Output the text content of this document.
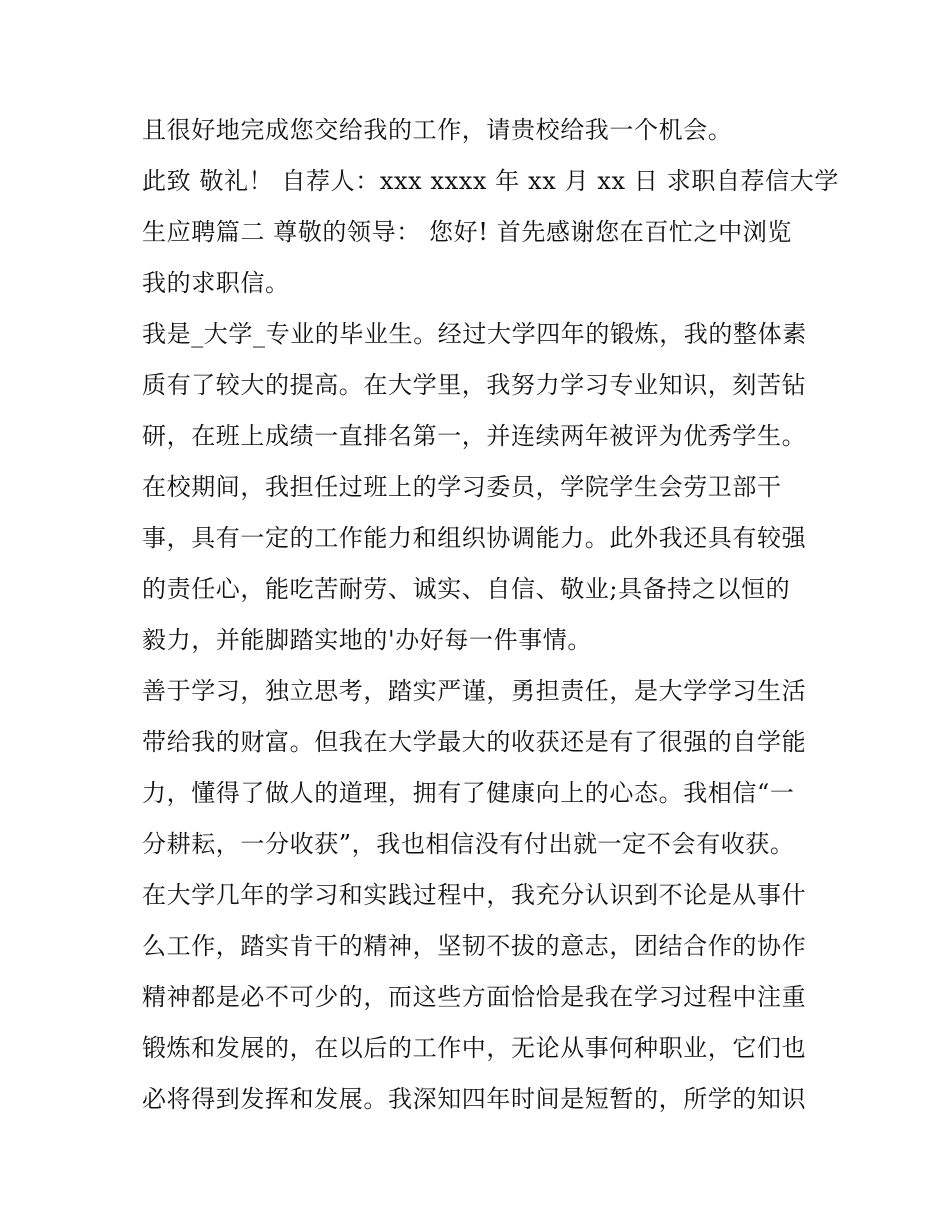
且很好地完成您交给我的工作，请贵校给我一个机会。
此致 敬礼！ 自荐人：xxx xxxx 年 xx 月 xx 日 求职自荐信大学
生应聘篇二 尊敬的领导： 您好! 首先感谢您在百忙之中浏览
我的求职信。
我是_大学_专业的毕业生。经过大学四年的锻炼，我的整体素
质有了较大的提高。在大学里，我努力学习专业知识，刻苦钻
研，在班上成绩一直排名第一，并连续两年被评为优秀学生。
在校期间，我担任过班上的学习委员，学院学生会劳卫部干
事，具有一定的工作能力和组织协调能力。此外我还具有较强
的责任心，能吃苦耐劳、诚实、自信、敬业;具备持之以恒的
毅力，并能脚踏实地的'办好每一件事情。
善于学习，独立思考，踏实严谨，勇担责任，是大学学习生活
带给我的财富。但我在大学最大的收获还是有了很强的自学能
力，懂得了做人的道理，拥有了健康向上的心态。我相信“一
分耕耘，一分收获”，我也相信没有付出就一定不会有收获。
在大学几年的学习和实践过程中，我充分认识到不论是从事什
么工作，踏实肯干的精神，坚韧不拔的意志，团结合作的协作
精神都是必不可少的，而这些方面恰恰是我在学习过程中注重
锻炼和发展的，在以后的工作中，无论从事何种职业，它们也
必将得到发挥和发展。我深知四年时间是短暂的，所学的知识
